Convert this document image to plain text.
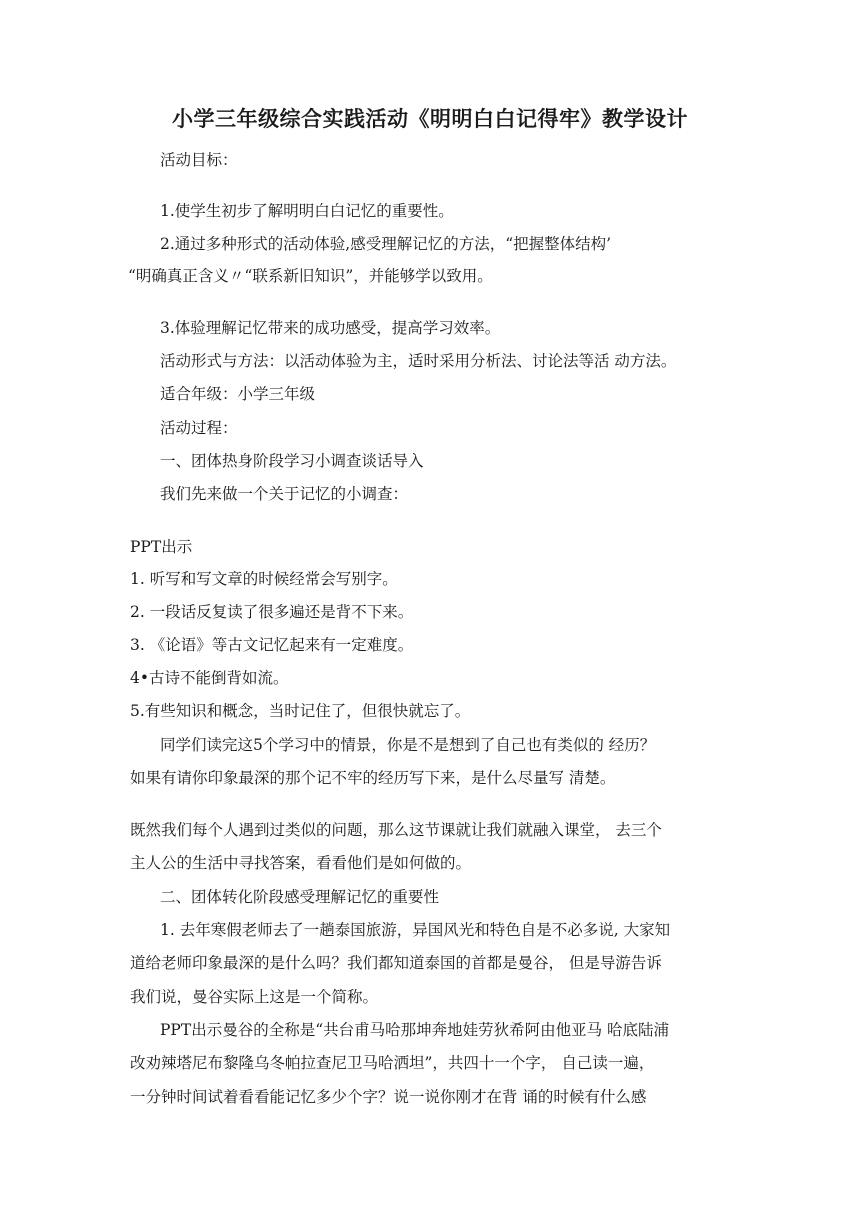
小学三年级综合实践活动《明明白白记得牢》教学设计
活动目标：
1.使学生初步了解明明白白记忆的重要性。
2.通过多种形式的活动体验,感受理解记忆的方法，“把握整体结构’
“明确真正含义〃“联系新旧知识”，并能够学以致用。
3.体验理解记忆带来的成功感受，提高学习效率。
活动形式与方法：以活动体验为主，适时采用分析法、讨论法等活 动方法。
适合年级：小学三年级
活动过程：
一、团体热身阶段学习小调查谈话导入
我们先来做一个关于记忆的小调查：
PPT出示
1. 听写和写文章的时候经常会写别字。
2. 一段话反复读了很多遍还是背不下来。
3. 《论语》等古文记忆起来有一定难度。
4•古诗不能倒背如流。
5.有些知识和概念，当时记住了，但很快就忘了。
同学们读完这5个学习中的情景，你是不是想到了自己也有类似的 经历？
如果有请你印象最深的那个记不牢的经历写下来，是什么尽量写 清楚。
既然我们每个人遇到过类似的问题，那么这节课就让我们就融入课堂， 去三个
主人公的生活中寻找答案，看看他们是如何做的。
二、团体转化阶段感受理解记忆的重要性
1. 去年寒假老师去了一趟泰国旅游，异国风光和特色自是不必多说, 大家知
道给老师印象最深的是什么吗？我们都知道泰国的首都是曼谷， 但是导游告诉
我们说，曼谷实际上这是一个简称。
PPT出示曼谷的全称是“共台甫马哈那坤奔地娃劳狄希阿由他亚马 哈底陆浦
改劝辣塔尼布黎隆乌冬帕拉查尼卫马哈洒坦”，共四十一个字， 自己读一遍，
一分钟时间试着看看能记忆多少个字？说一说你刚才在背 诵的时候有什么感
